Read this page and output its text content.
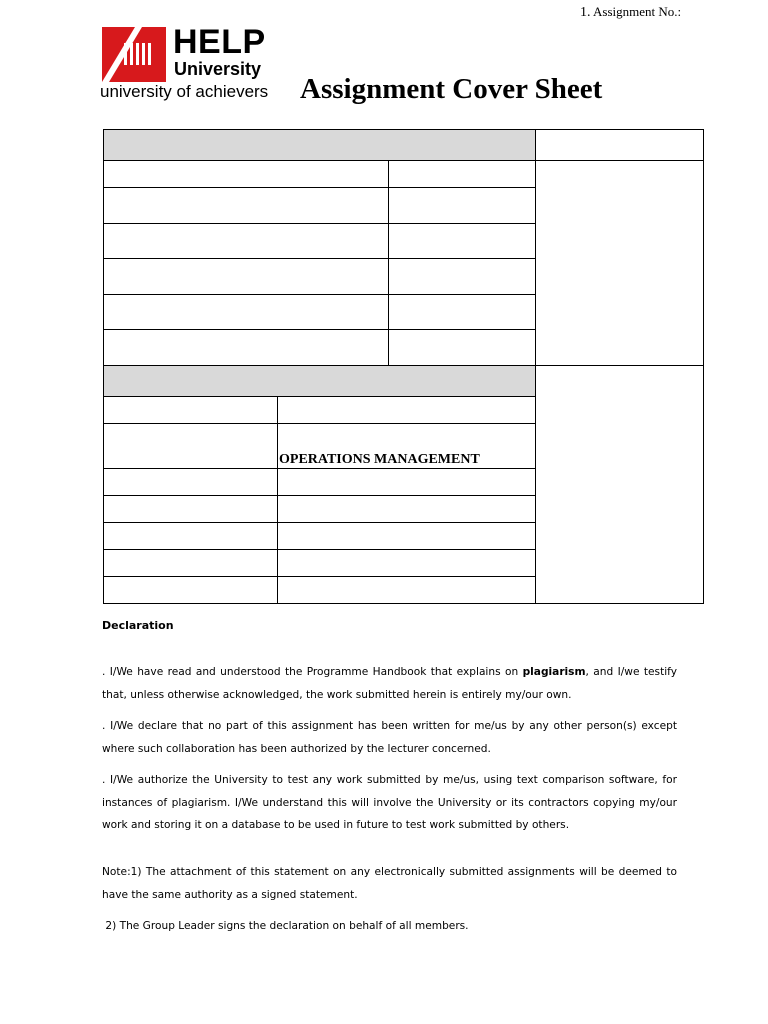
1. Assignment No.:
HELP
University
university of achievers Assignment Cover Sheet
OPERATIONS MANAGEMENT
Declaration
. I/We have read and understood the Programme Handbook that explains on plagiarism, and I/we testify that, unless otherwise acknowledged, the work submitted herein is entirely my/our own.
. I/We declare that no part of this assignment has been written for me/us by any other person(s) except where such collaboration has been authorized by the lecturer concerned.
. I/We authorize the University to test any work submitted by me/us, using text comparison software, for instances of plagiarism. I/We understand this will involve the University or its contractors copying my/our work and storing it on a database to be used in future to test work submitted by others.
Note:1) The attachment of this statement on any electronically submitted assignments will be deemed to have the same authority as a signed statement.
2) The Group Leader signs the declaration on behalf of all members.
